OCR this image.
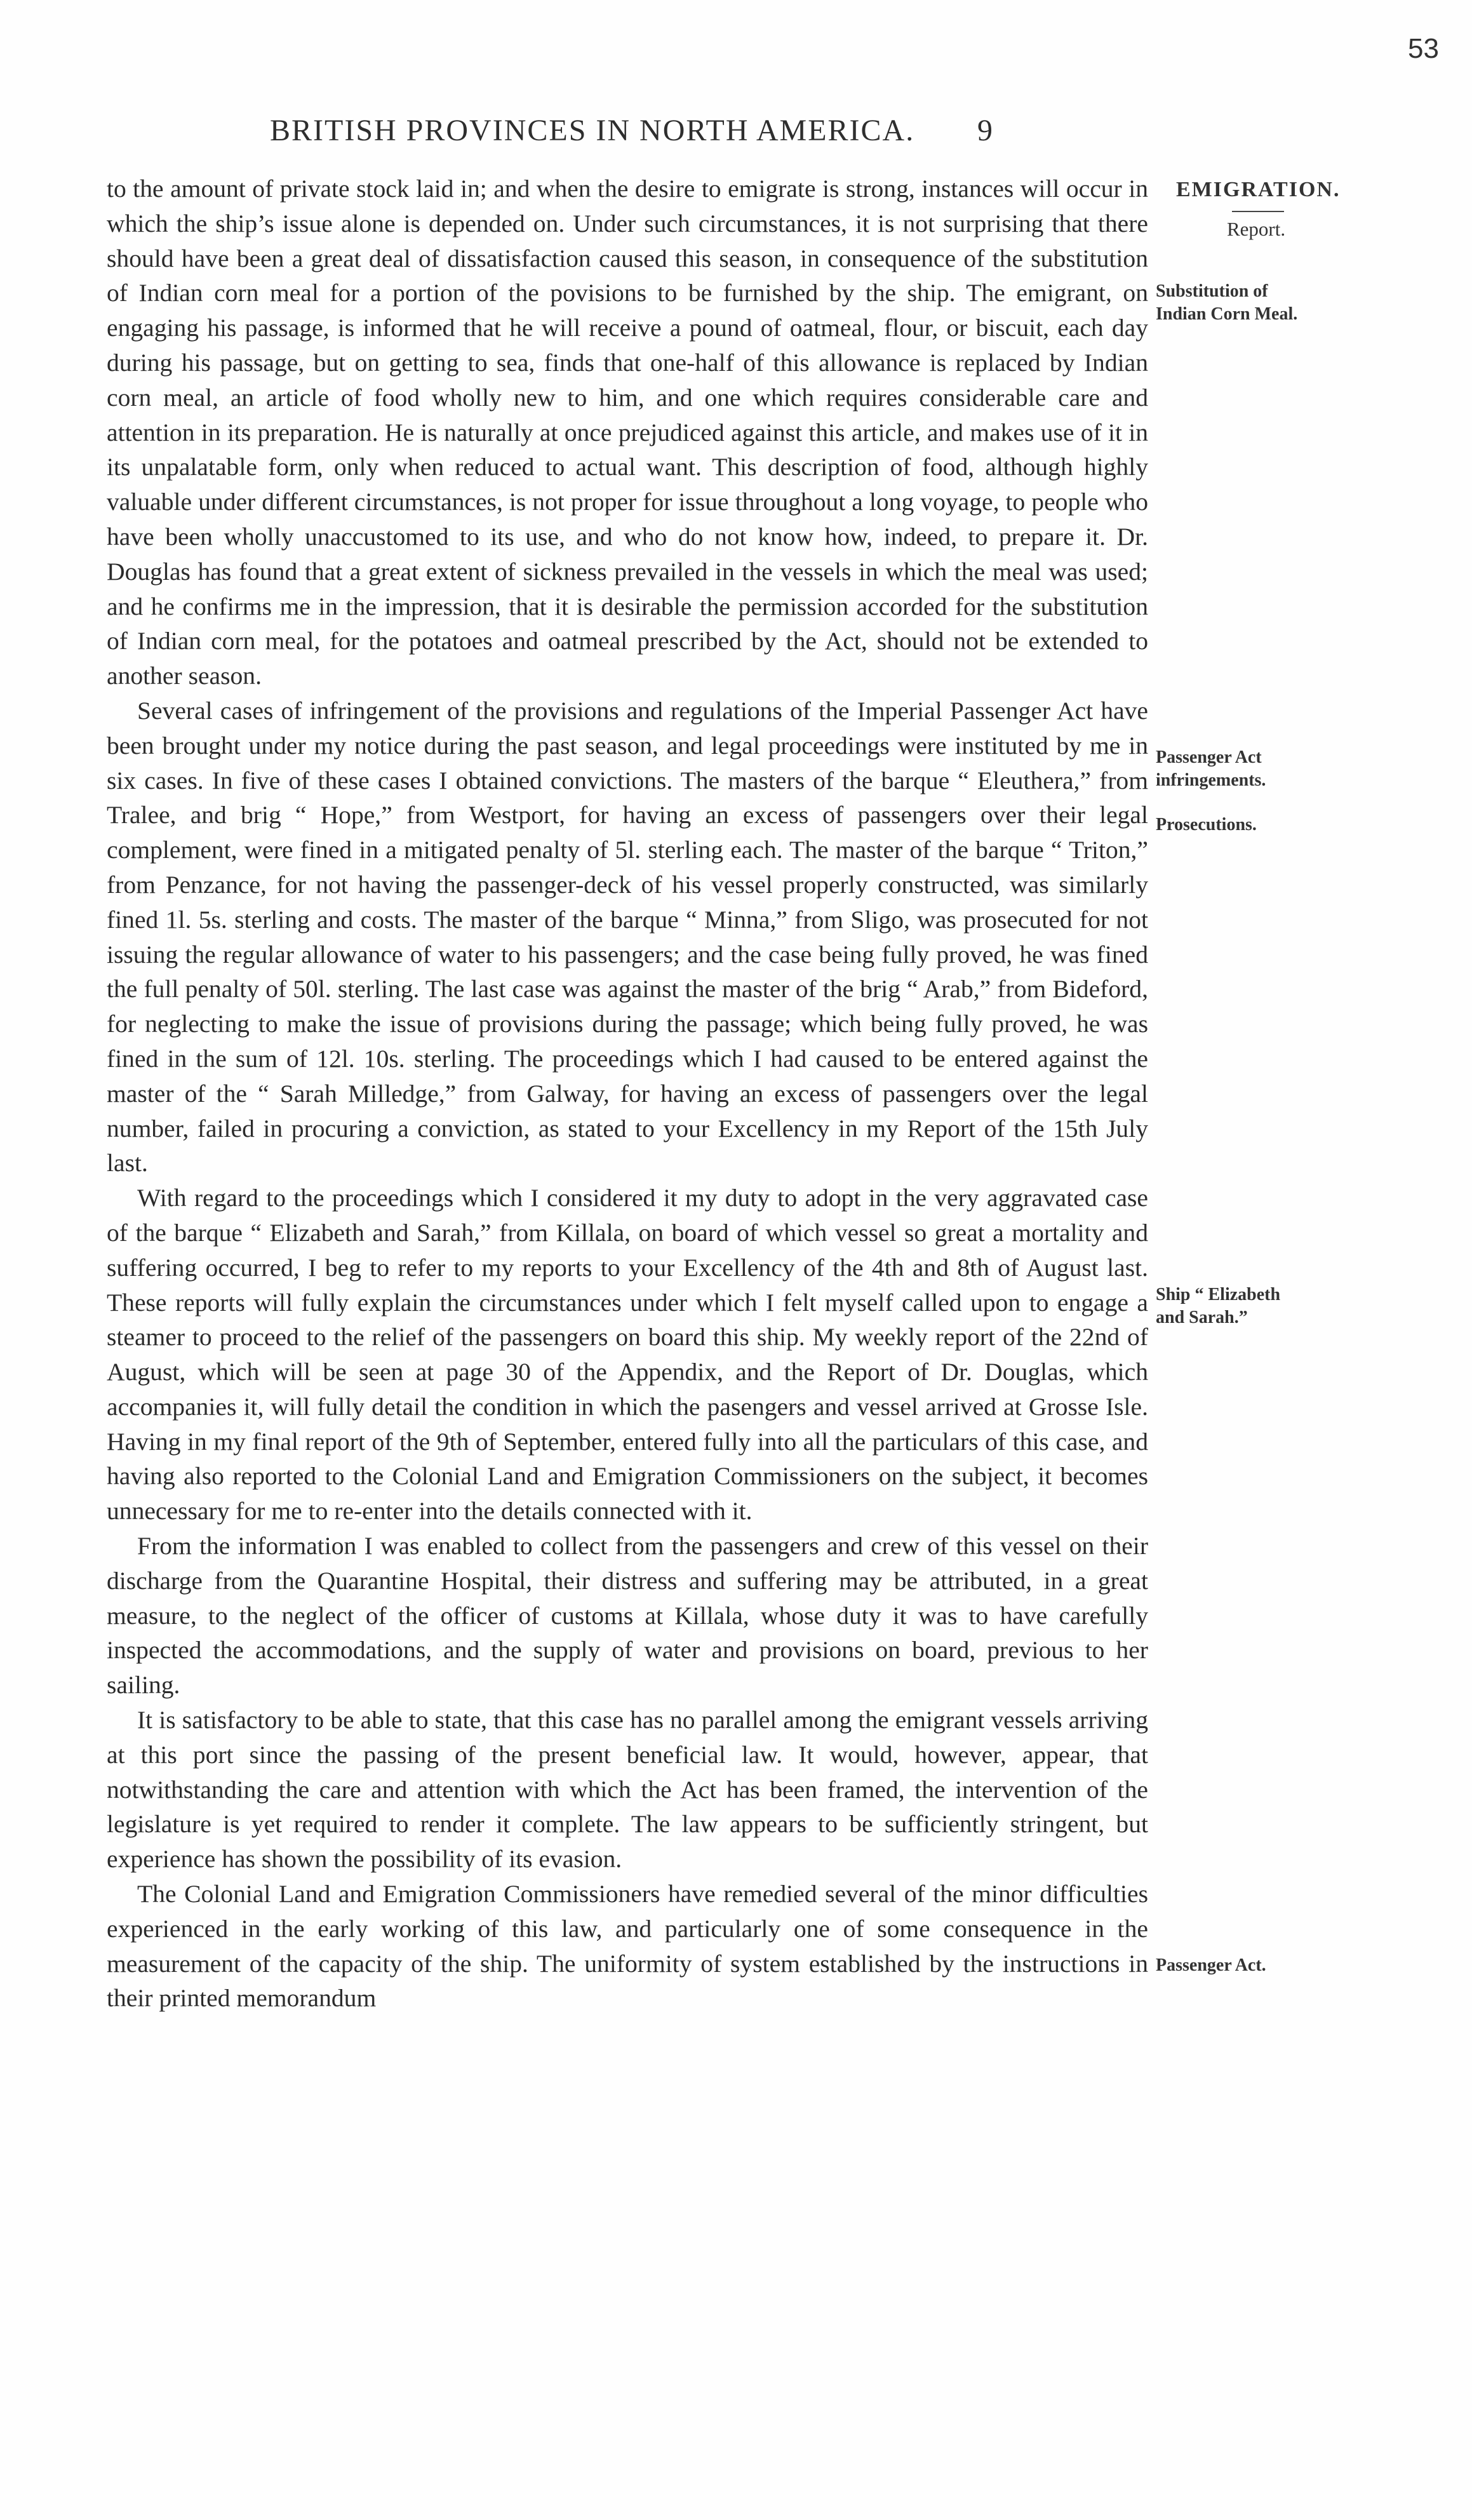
53
BRITISH PROVINCES IN NORTH AMERICA. 9

to the amount of private stock laid in; and when the desire to emigrate is strong, instances will occur in which the ship’s issue alone is depended on. Under such circumstances, it is not surprising that there should have been a great deal of dissatisfaction caused this season, in consequence of the substitution of Indian corn meal for a portion of the povisions to be furnished by the ship. The emigrant, on engaging his passage, is informed that he will receive a pound of oatmeal, flour, or biscuit, each day during his passage, but on getting to sea, finds that one-half of this allowance is replaced by Indian corn meal, an article of food wholly new to him, and one which requires considerable care and attention in its preparation. He is naturally at once prejudiced against this article, and makes use of it in its unpalatable form, only when reduced to actual want. This description of food, although highly valuable under different circumstances, is not proper for issue throughout a long voyage, to people who have been wholly unaccustomed to its use, and who do not know how, indeed, to prepare it. Dr. Douglas has found that a great extent of sickness prevailed in the vessels in which the meal was used; and he confirms me in the impression, that it is desirable the permission accorded for the substitution of Indian corn meal, for the potatoes and oatmeal prescribed by the Act, should not be extended to another season.

Several cases of infringement of the provisions and regulations of the Imperial Passenger Act have been brought under my notice during the past season, and legal proceedings were instituted by me in six cases. In five of these cases I obtained convictions. The masters of the barque “ Eleuthera,” from Tralee, and brig “ Hope,” from Westport, for having an excess of passengers over their legal complement, were fined in a mitigated penalty of 5l. sterling each. The master of the barque “ Triton,” from Penzance, for not having the passenger-deck of his vessel properly constructed, was similarly fined 1l. 5s. sterling and costs. The master of the barque “ Minna,” from Sligo, was prosecuted for not issuing the regular allowance of water to his passengers; and the case being fully proved, he was fined the full penalty of 50l. sterling. The last case was against the master of the brig “ Arab,” from Bideford, for neglecting to make the issue of provisions during the passage; which being fully proved, he was fined in the sum of 12l. 10s. sterling. The proceedings which I had caused to be entered against the master of the “ Sarah Milledge,” from Galway, for having an excess of passengers over the legal number, failed in procuring a conviction, as stated to your Excellency in my Report of the 15th July last.

With regard to the proceedings which I considered it my duty to adopt in the very aggravated case of the barque “ Elizabeth and Sarah,” from Killala, on board of which vessel so great a mortality and suffering occurred, I beg to refer to my reports to your Excellency of the 4th and 8th of August last. These reports will fully explain the circumstances under which I felt myself called upon to engage a steamer to proceed to the relief of the passengers on board this ship. My weekly report of the 22nd of August, which will be seen at page 30 of the Appendix, and the Report of Dr. Douglas, which accompanies it, will fully detail the condition in which the pasengers and vessel arrived at Grosse Isle. Having in my final report of the 9th of September, entered fully into all the particulars of this case, and having also reported to the Colonial Land and Emigration Commissioners on the subject, it becomes unnecessary for me to re-enter into the details connected with it.

From the information I was enabled to collect from the passengers and crew of this vessel on their discharge from the Quarantine Hospital, their distress and suffering may be attributed, in a great measure, to the neglect of the officer of customs at Killala, whose duty it was to have carefully inspected the accommodations, and the supply of water and provisions on board, previous to her sailing.

It is satisfactory to be able to state, that this case has no parallel among the emigrant vessels arriving at this port since the passing of the present beneficial law. It would, however, appear, that notwithstanding the care and attention with which the Act has been framed, the intervention of the legislature is yet required to render it complete. The law appears to be sufficiently stringent, but experience has shown the possibility of its evasion.

The Colonial Land and Emigration Commissioners have remedied several of the minor difficulties experienced in the early working of this law, and particularly one of some consequence in the measurement of the capacity of the ship. The uniformity of system established by the instructions in their printed memorandum

EMIGRATION.
Report.
Substitution of
Indian Corn Meal.
Passenger Act
infringements.
Prosecutions.
Ship “ Elizabeth
and Sarah.”
Passenger Act.
